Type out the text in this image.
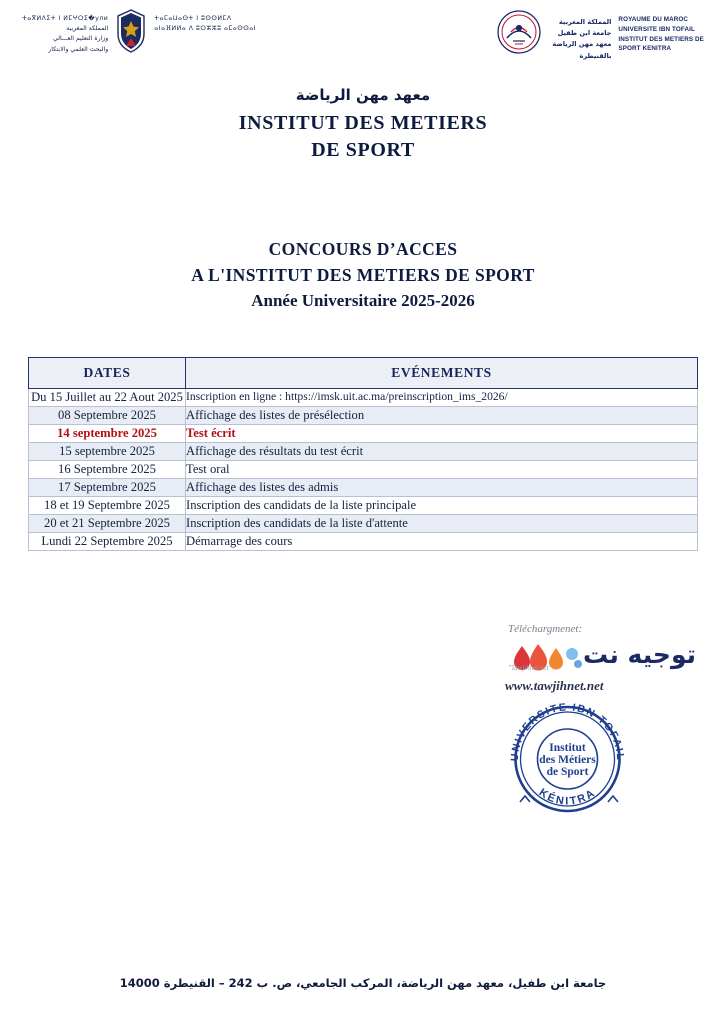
ⵜⴰⴳⵍⴷⵉⵜ ⵏ ⵍⵎⵖⵔⵉ�ули
المملكة المغربية
وزارة التعليم العـــالي
والبحث العلمي والابتكار
ⵜⴰⵎⴰⵡⴰⵙⵜ ⵏ ⵓⵙⵙⵍⵎⴷ
ⴰⵏⴰⴼⵍⵍⴰ ⴷ ⵓⵔⵣⵣⵓ ⴰⵎⴰⵙⵙⴰⵏ
المملكة المغربية
جامعة ابن طفيل
معهد مهن الرياضة
بالقنيطرة
ROYAUME DU MAROC
UNIVERSITE IBN TOFAIL
INSTITUT DES METIERS DE
SPORT KENITRA
معهد مهن الرياضة
INSTITUT DES METIERS
DE SPORT
CONCOURS D’ACCES
A L'INSTITUT DES METIERS DE SPORT
Année Universitaire 2025-2026
DATES	EVÉNEMENTS
Du 15 Juillet au 22 Aout 2025	Inscription en ligne : https://imsk.uit.ac.ma/preinscription_ims_2026/
08 Septembre 2025	Affichage des listes de présélection
14 septembre 2025	Test écrit
15 septembre 2025	Affichage des résultats du test écrit
16 Septembre 2025	Test oral
17 Septembre 2025	Affichage des listes des admis
18 et 19 Septembre 2025	Inscription des candidats de la liste principale
20 et 21 Septembre 2025	Inscription des candidats de la liste d'attente
Lundi 22 Septembre 2025	Démarrage des cours
Téléchargmenet:
توجيه نت
"Tawjihnet.net"
www.tawjihnet.net
UNIVERSITE IBN TOFAIL
KÉNITRA
Institut
des Métiers
de Sport
جامعة ابن طفيل، معهد مهن الرياضة، المركب الجامعي، ص. ب 242 – القنيطرة 14000
